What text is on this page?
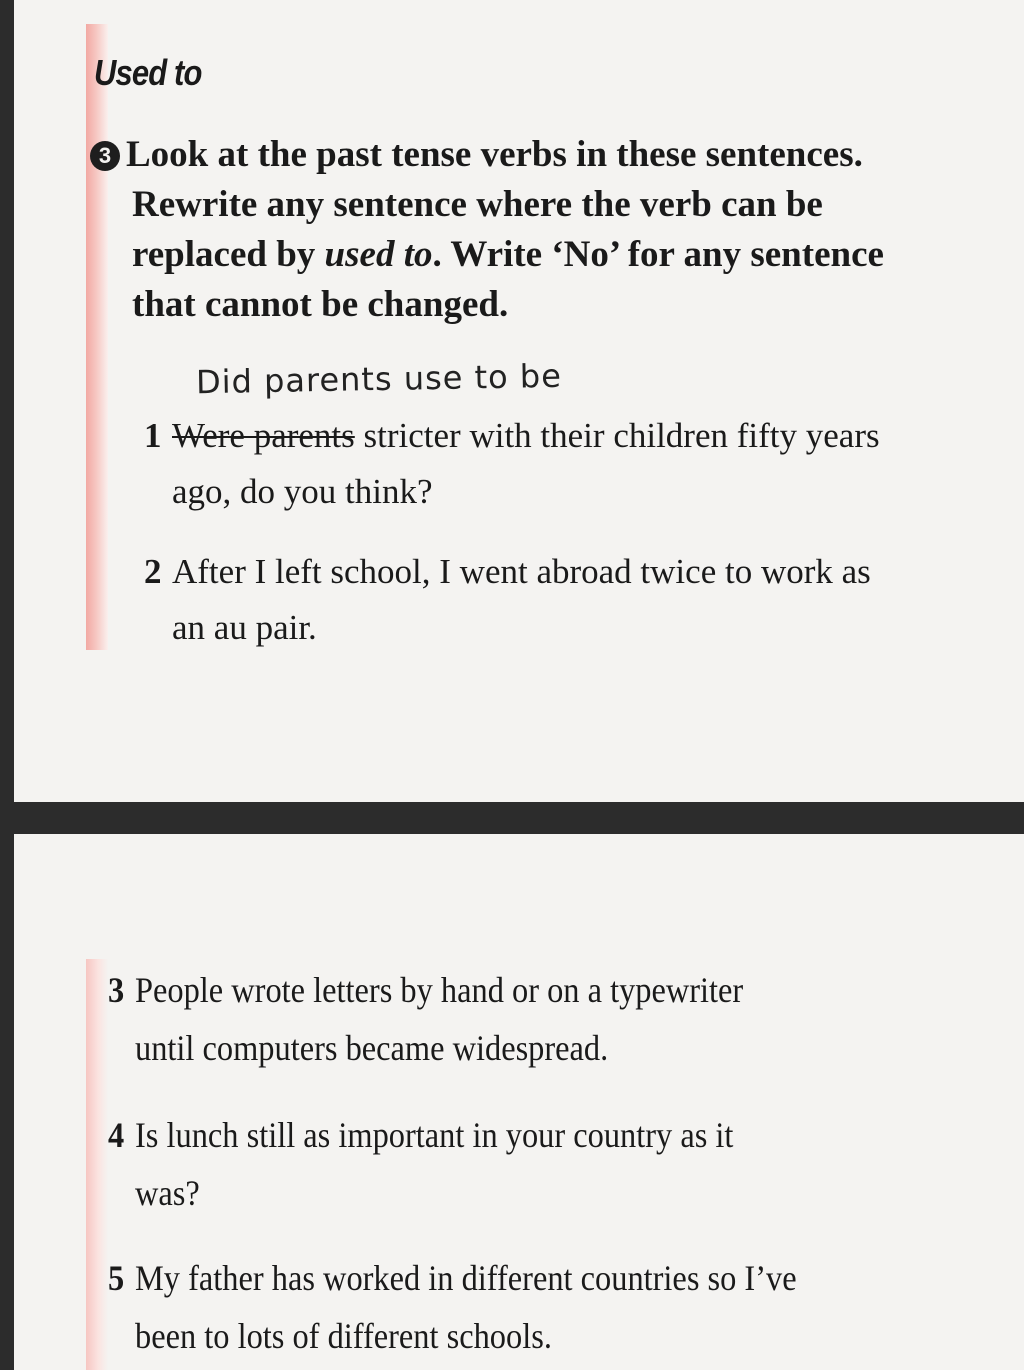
Used to
3 Look at the past tense verbs in these sentences.
Rewrite any sentence where the verb can be
replaced by used to. Write ‘No’ for any sentence
that cannot be changed.
Did parents use to be
1 Were parents stricter with their children fifty years
ago, do you think?
2 After I left school, I went abroad twice to work as
an au pair.
3 People wrote letters by hand or on a typewriter
until computers became widespread.
4 Is lunch still as important in your country as it
was?
5 My father has worked in different countries so I’ve
been to lots of different schools.
